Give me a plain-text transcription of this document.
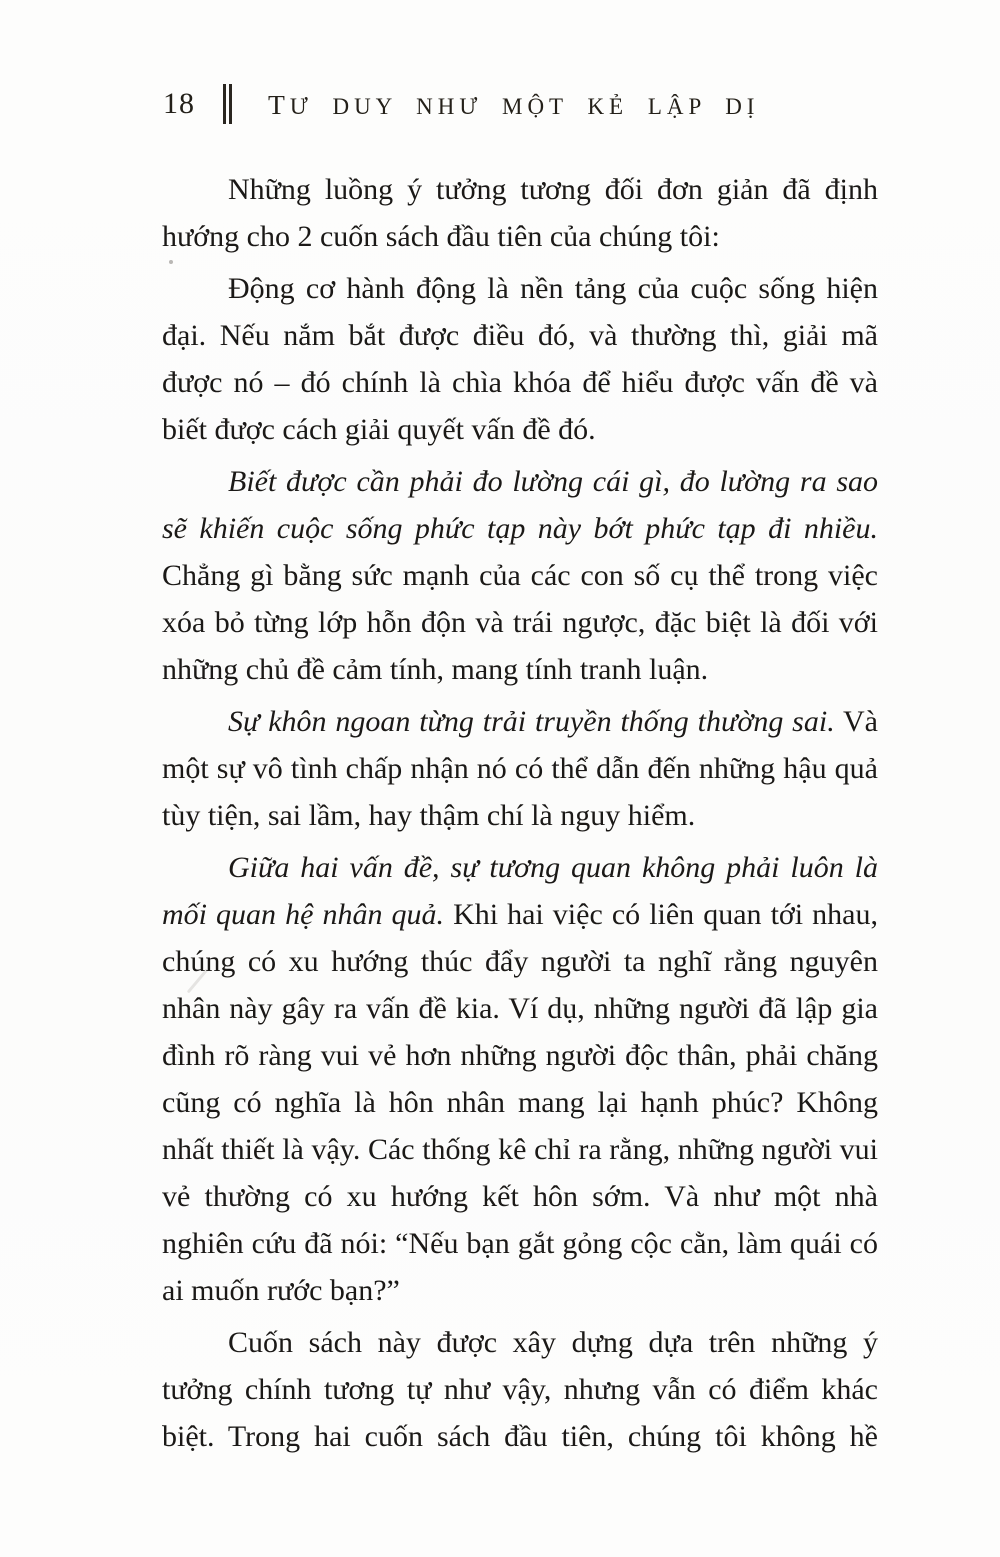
18	TƯ DUY NHƯ MỘT KẺ LẬP DỊ

Những luồng ý tưởng tương đối đơn giản đã định hướng cho 2 cuốn sách đầu tiên của chúng tôi:

Động cơ hành động là nền tảng của cuộc sống hiện đại. Nếu nắm bắt được điều đó, và thường thì, giải mã được nó – đó chính là chìa khóa để hiểu được vấn đề và biết được cách giải quyết vấn đề đó.

Biết được cần phải đo lường cái gì, đo lường ra sao sẽ khiến cuộc sống phức tạp này bớt phức tạp đi nhiều. Chẳng gì bằng sức mạnh của các con số cụ thể trong việc xóa bỏ từng lớp hỗn độn và trái ngược, đặc biệt là đối với những chủ đề cảm tính, mang tính tranh luận.

Sự khôn ngoan từng trải truyền thống thường sai. Và một sự vô tình chấp nhận nó có thể dẫn đến những hậu quả tùy tiện, sai lầm, hay thậm chí là nguy hiểm.

Giữa hai vấn đề, sự tương quan không phải luôn là mối quan hệ nhân quả. Khi hai việc có liên quan tới nhau, chúng có xu hướng thúc đẩy người ta nghĩ rằng nguyên nhân này gây ra vấn đề kia. Ví dụ, những người đã lập gia đình rõ ràng vui vẻ hơn những người độc thân, phải chăng cũng có nghĩa là hôn nhân mang lại hạnh phúc? Không nhất thiết là vậy. Các thống kê chỉ ra rằng, những người vui vẻ thường có xu hướng kết hôn sớm. Và như một nhà nghiên cứu đã nói: “Nếu bạn gắt gỏng cộc cằn, làm quái có ai muốn rước bạn?”

Cuốn sách này được xây dựng dựa trên những ý tưởng chính tương tự như vậy, nhưng vẫn có điểm khác biệt. Trong hai cuốn sách đầu tiên, chúng tôi không hề
